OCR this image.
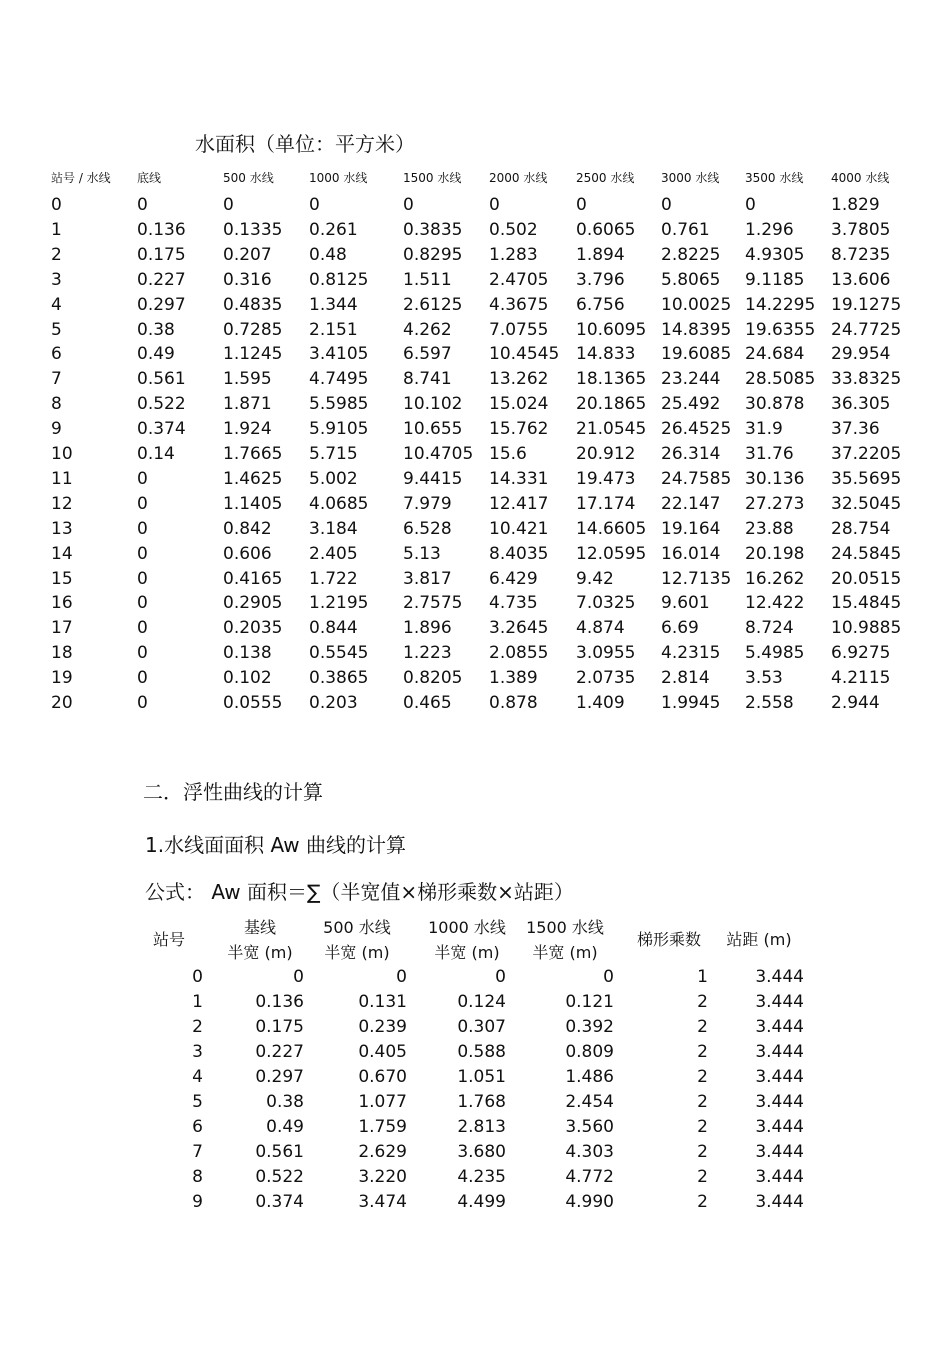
水面积（单位：平方米）
站号 / 水线 底线	500 水线	1000 水线	1500 水线 2000 水线 2500 水线 3000 水线 3500 水线 4000 水线
0	0	0	0	0	0	0	0	0	1.829
1	0.136 0.1335 0.261	0.3835 0.502 0.6065 0.761 1.296 3.7805
2	0.175 0.207 0.48	0.8295 1.283 1.894 2.8225 4.9305 8.7235
3	0.227 0.316 0.8125 1.511 2.4705 3.796 5.8065 9.1185 13.606
4	0.297 0.4835 1.344	2.6125 4.3675 6.756 10.0025 14.2295 19.1275
5	0.38	0.7285 2.151	4.262 7.0755 10.6095 14.8395 19.6355 24.7725
6	0.49	1.1245 3.4105 6.597 10.4545 14.833 19.6085 24.684 29.954
7	0.561 1.595 4.7495 8.741 13.262 18.1365 23.244 28.5085 33.8325
8	0.522 1.871 5.5985 10.102 15.024 20.1865 25.492 30.878 36.305
9	0.374 1.924 5.9105 10.655 15.762 21.0545 26.4525 31.9	37.36
10	0.14	1.7665 5.715	10.4705 15.6	20.912 26.314 31.76 37.2205
11	0	1.4625 5.002	9.4415 14.331 19.473 24.7585 30.136 35.5695
12	0	1.1405 4.0685 7.979 12.417 17.174 22.147 27.273 32.5045
13	0	0.842 3.184	6.528 10.421 14.6605 19.164 23.88 28.754
14	0	0.606 2.405	5.13	8.4035 12.0595 16.014 20.198 24.5845
15	0	0.4165 1.722	3.817 6.429 9.42	12.7135 16.262 20.0515
16	0	0.2905 1.2195 2.7575 4.735 7.0325 9.601 12.422 15.4845
17	0	0.2035 0.844	1.896 3.2645 4.874 6.69	8.724 10.9885
18	0	0.138 0.5545 1.223 2.0855 3.0955 4.2315 5.4985 6.9275
19	0	0.102 0.3865 0.8205 1.389 2.0735 2.814 3.53	4.2115
20	0	0.0555 0.203	0.465 0.878 1.409 1.9945 2.558 2.944
二．浮性曲线的计算
1.水线面面积 Aw 曲线的计算
公式： Aw 面积＝∑（半宽值×梯形乘数×站距）
站号
基线
半宽 (m)
500 水线
半宽 (m)
1000 水线
半宽 (m)
1500 水线
半宽 (m)
梯形乘数	站距 (m)
0	0	0	0	0	1	3.444
1	0.136	0.131	0.124	0.121	2	3.444
2	0.175	0.239	0.307	0.392	2	3.444
3	0.227	0.405	0.588	0.809	2	3.444
4	0.297	0.670	1.051	1.486	2	3.444
5	0.38	1.077	1.768	2.454	2	3.444
6	0.49	1.759	2.813	3.560	2	3.444
7	0.561	2.629	3.680	4.303	2	3.444
8	0.522	3.220	4.235	4.772	2	3.444
9	0.374	3.474	4.499	4.990	2	3.444
